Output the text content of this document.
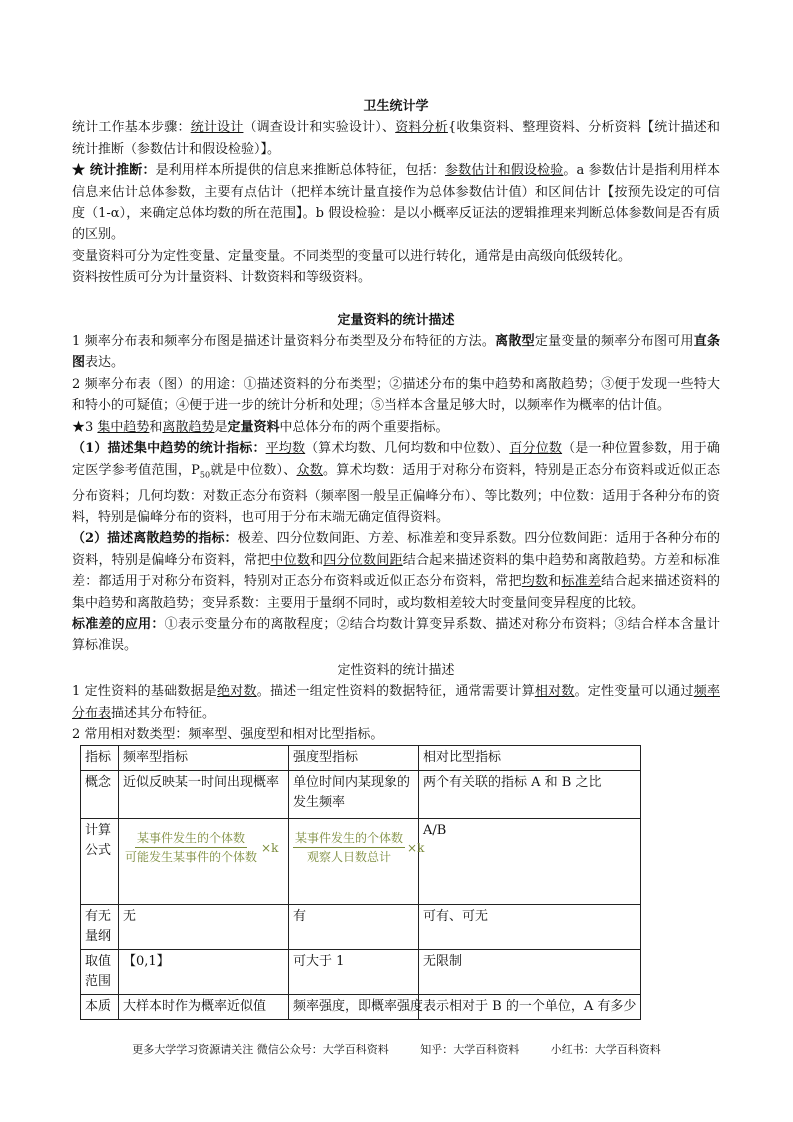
卫生统计学

统计工作基本步骤：统计设计（调查设计和实验设计）、资料分析{收集资料、整理资料、分析资料【统计描述和统计推断（参数估计和假设检验）】。

★ 统计推断：是利用样本所提供的信息来推断总体特征，包括：参数估计和假设检验。a 参数估计是指利用样本信息来估计总体参数，主要有点估计（把样本统计量直接作为总体参数估计值）和区间估计【按预先设定的可信度（1-α），来确定总体均数的所在范围】。b 假设检验：是以小概率反证法的逻辑推理来判断总体参数间是否有质的区别。

变量资料可分为定性变量、定量变量。不同类型的变量可以进行转化，通常是由高级向低级转化。

资料按性质可分为计量资料、计数资料和等级资料。

定量资料的统计描述

1 频率分布表和频率分布图是描述计量资料分布类型及分布特征的方法。离散型定量变量的频率分布图可用直条图表达。

2 频率分布表（图）的用途：①描述资料的分布类型；②描述分布的集中趋势和离散趋势；③便于发现一些特大和特小的可疑值；④便于进一步的统计分析和处理；⑤当样本含量足够大时，以频率作为概率的估计值。

★3 集中趋势和离散趋势是定量资料中总体分布的两个重要指标。

（1）描述集中趋势的统计指标：平均数（算术均数、几何均数和中位数）、百分位数（是一种位置参数，用于确定医学参考值范围，$P_{50}$就是中位数）、众数。算术均数：适用于对称分布资料，特别是正态分布资料或近似正态分布资料；几何均数：对数正态分布资料（频率图一般呈正偏峰分布）、等比数列；中位数：适用于各种分布的资料，特别是偏峰分布的资料，也可用于分布末端无确定值得资料。

（2）描述离散趋势的指标：极差、四分位数间距、方差、标准差和变异系数。四分位数间距：适用于各种分布的资料，特别是偏峰分布资料，常把中位数和四分位数间距结合起来描述资料的集中趋势和离散趋势。方差和标准差：都适用于对称分布资料，特别对正态分布资料或近似正态分布资料，常把均数和标准差结合起来描述资料的集中趋势和离散趋势；变异系数：主要用于量纲不同时，或均数相差较大时变量间变异程度的比较。

标准差的应用：①表示变量分布的离散程度；②结合均数计算变异系数、描述对称分布资料；③结合样本含量计算标准误。

定性资料的统计描述

1 定性资料的基础数据是绝对数。描述一组定性资料的数据特征，通常需要计算相对数。定性变量可以通过频率分布表描述其分布特征。

2 常用相对数类型：频率型、强度型和相对比型指标。

指标	频率型指标	强度型指标	相对比型指标
概念	近似反映某一时间出现概率	单位时间内某现象的发生频率	两个有关联的指标 A 和 B 之比
计算公式	$\frac{\text{某事件发生的个体数}}{\text{可能发生某事件的个体数}} \times k$	$\frac{\text{某事件发生的个体数}}{\text{观察人日数总计}} \times k$	A/B
有无量纲	无	有	可有、可无
取值范围	【0,1】	可大于 1	无限制
本质	大样本时作为概率近似值	频率强度，即概率强度	表示相对于 B 的一个单位，A 有多少
更多大学学习资源请关注 微信公众号：大学百科资料	知乎：大学百科资料	小红书：大学百科资料
